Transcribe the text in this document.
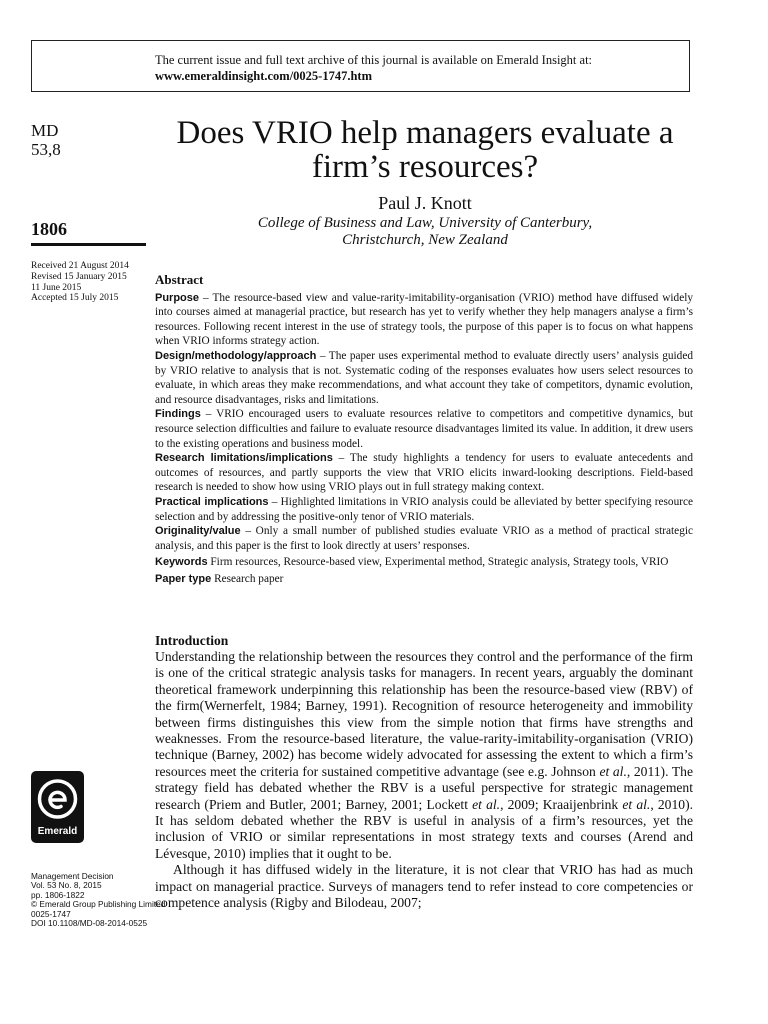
The current issue and full text archive of this journal is available on Emerald Insight at:
www.emeraldinsight.com/0025-1747.htm
MD
53,8
1806
Received 21 August 2014
Revised 15 January 2015
11 June 2015
Accepted 15 July 2015
Does VRIO help managers evaluate a firm’s resources?
Paul J. Knott
College of Business and Law, University of Canterbury,
Christchurch, New Zealand
Abstract

Purpose – The resource-based view and value-rarity-imitability-organisation (VRIO) method have diffused widely into courses aimed at managerial practice, but research has yet to verify whether they help managers analyse a firm’s resources. Following recent interest in the use of strategy tools, the purpose of this paper is to focus on what happens when VRIO informs strategy action.

Design/methodology/approach – The paper uses experimental method to evaluate directly users’ analysis guided by VRIO relative to analysis that is not. Systematic coding of the responses evaluates how users select resources to evaluate, in which areas they make recommendations, and what account they take of competitors, dynamic evolution, and resource disadvantages, risks and limitations.

Findings – VRIO encouraged users to evaluate resources relative to competitors and competitive dynamics, but resource selection difficulties and failure to evaluate resource disadvantages limited its value. In addition, it drew users to the existing operations and business model.

Research limitations/implications – The study highlights a tendency for users to evaluate antecedents and outcomes of resources, and partly supports the view that VRIO elicits inward-looking descriptions. Field-based research is needed to show how using VRIO plays out in full strategy making context.

Practical implications – Highlighted limitations in VRIO analysis could be alleviated by better specifying resource selection and by addressing the positive-only tenor of VRIO materials.

Originality/value – Only a small number of published studies evaluate VRIO as a method of practical strategic analysis, and this paper is the first to look directly at users’ responses.

Keywords Firm resources, Resource-based view, Experimental method, Strategic analysis, Strategy tools, VRIO

Paper type Research paper

Introduction

Understanding the relationship between the resources they control and the performance of the firm is one of the critical strategic analysis tasks for managers. In recent years, arguably the dominant theoretical framework underpinning this relationship has been the resource-based view (RBV) of the firm(Wernerfelt, 1984; Barney, 1991). Recognition of resource heterogeneity and immobility between firms distinguishes this view from the simple notion that firms have strengths and weaknesses. From the resource-based literature, the value-rarity-imitability-organisation (VRIO) technique (Barney, 2002) has become widely advocated for assessing the extent to which a firm’s resources meet the criteria for sustained competitive advantage (see e.g. Johnson et al., 2011). The strategy field has debated whether the RBV is a useful perspective for strategic management research (Priem and Butler, 2001; Barney, 2001; Lockett et al., 2009; Kraaijenbrink et al., 2010). It has seldom debated whether the RBV is useful in analysis of a firm’s resources, yet the inclusion of VRIO or similar representations in most strategy texts and courses (Arend and Lévesque, 2010) implies that it ought to be.

Although it has diffused widely in the literature, it is not clear that VRIO has had as much impact on managerial practice. Surveys of managers tend to refer instead to core competencies or competence analysis (Rigby and Bilodeau, 2007;

Emerald
Management Decision
Vol. 53 No. 8, 2015
pp. 1806-1822
© Emerald Group Publishing Limited
0025-1747
DOI 10.1108/MD-08-2014-0525
